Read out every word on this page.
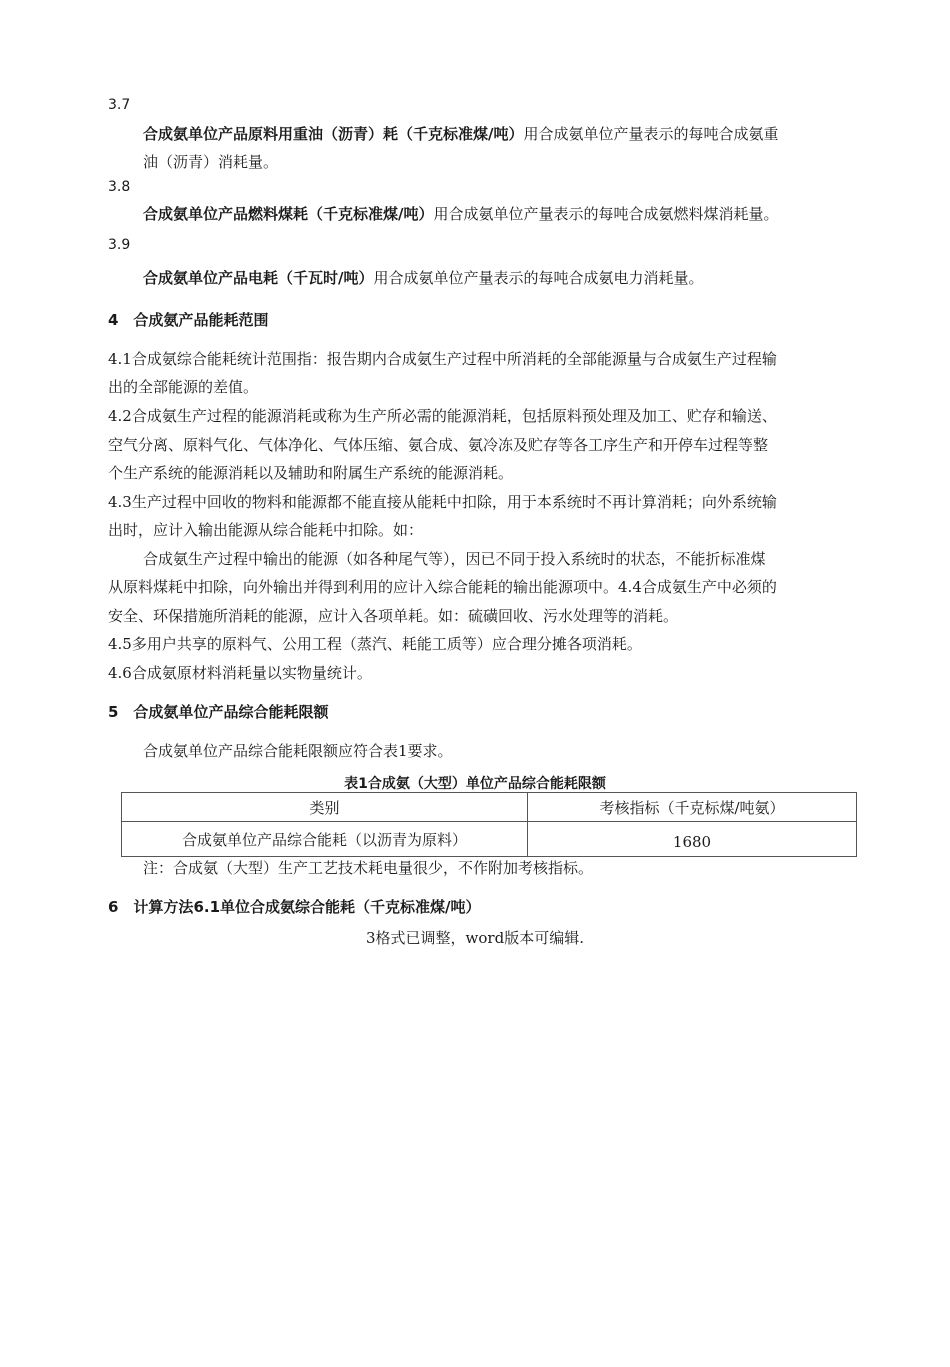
3.7
合成氨单位产品原料用重油（沥青）耗（千克标准煤/吨）用合成氨单位产量表示的每吨合成氨重
油（沥青）消耗量。
3.8
合成氨单位产品燃料煤耗（千克标准煤/吨）用合成氨单位产量表示的每吨合成氨燃料煤消耗量。
3.9
合成氨单位产品电耗（千瓦时/吨）用合成氨单位产量表示的每吨合成氨电力消耗量。
4　合成氨产品能耗范围
4.1合成氨综合能耗统计范围指：报告期内合成氨生产过程中所消耗的全部能源量与合成氨生产过程输
出的全部能源的差值。
4.2合成氨生产过程的能源消耗或称为生产所必需的能源消耗，包括原料预处理及加工、贮存和输送、
空气分离、原料气化、气体净化、气体压缩、氨合成、氨冷冻及贮存等各工序生产和开停车过程等整
个生产系统的能源消耗以及辅助和附属生产系统的能源消耗。
4.3生产过程中回收的物料和能源都不能直接从能耗中扣除，用于本系统时不再计算消耗；向外系统输
出时，应计入输出能源从综合能耗中扣除。如：
合成氨生产过程中输出的能源（如各种尾气等），因已不同于投入系统时的状态，不能折标准煤
从原料煤耗中扣除，向外输出并得到利用的应计入综合能耗的输出能源项中。4.4合成氨生产中必须的
安全、环保措施所消耗的能源，应计入各项单耗。如：硫磺回收、污水处理等的消耗。
4.5多用户共享的原料气、公用工程（蒸汽、耗能工质等）应合理分摊各项消耗。
4.6合成氨原材料消耗量以实物量统计。
5　合成氨单位产品综合能耗限额
合成氨单位产品综合能耗限额应符合表1要求。
表1合成氨（大型）单位产品综合能耗限额
类别	考核指标（千克标煤/吨氨）
合成氨单位产品综合能耗（以沥青为原料）	1680
注：合成氨（大型）生产工艺技术耗电量很少，不作附加考核指标。
6　计算方法6.1单位合成氨综合能耗（千克标准煤/吨）
3格式已调整，word版本可编辑.
